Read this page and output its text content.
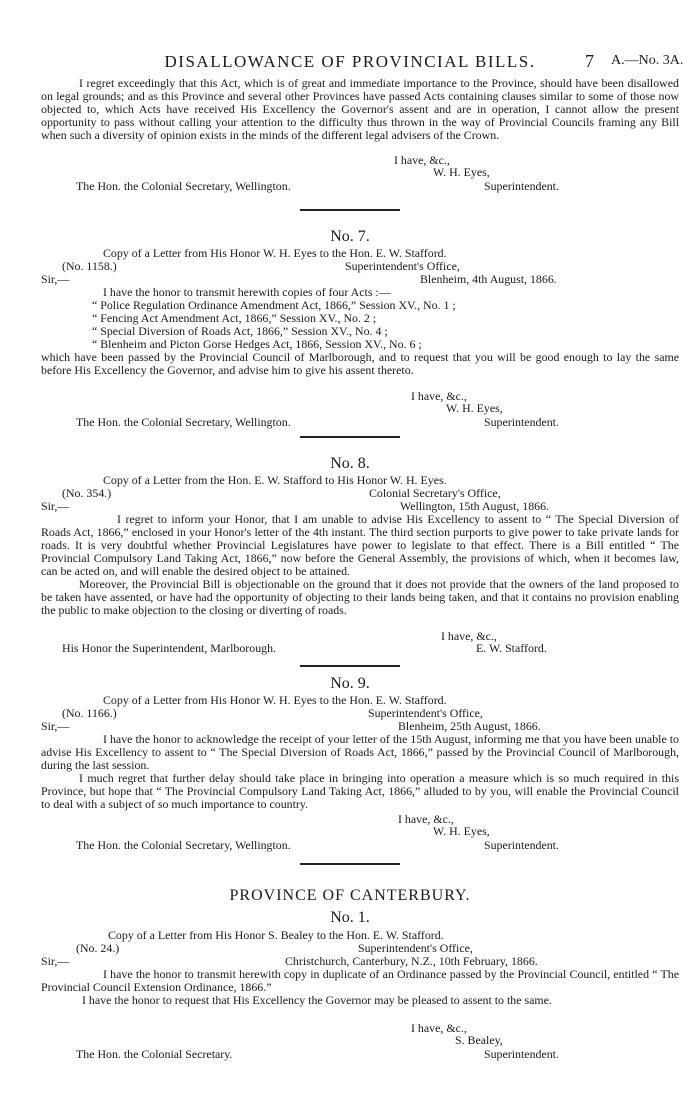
DISALLOWANCE OF PROVINCIAL BILLS.	7 A.—No. 3A.

I regret exceedingly that this Act, which is of great and immediate importance to the Province, should have been disallowed on legal grounds; and as this Province and several other Provinces have passed Acts containing clauses similar to some of those now objected to, which Acts have received His Excellency the Governor's assent and are in operation, I cannot allow the present opportunity to pass without calling your attention to the difficulty thus thrown in the way of Provincial Councils framing any Bill when such a diversity of opinion exists in the minds of the different legal advisers of the Crown.

I have, &c.,
W. H. Eyes,
The Hon. the Colonial Secretary, Wellington.	Superintendent.
No. 7.
Copy of a Letter from His Honor W. H. Eyes to the Hon. E. W. Stafford.
(No. 1158.)	Superintendent's Office,
Sir,—	Blenheim, 4th August, 1866.
I have the honor to transmit herewith copies of four Acts :—
“ Police Regulation Ordinance Amendment Act, 1866,” Session XV., No. 1 ;
“ Fencing Act Amendment Act, 1866,” Session XV., No. 2 ;
“ Special Diversion of Roads Act, 1866,” Session XV., No. 4 ;
“ Blenheim and Picton Gorse Hedges Act, 1866, Session XV., No. 6 ;

which have been passed by the Provincial Council of Marlborough, and to request that you will be good enough to lay the same before His Excellency the Governor, and advise him to give his assent thereto.

I have, &c.,
W. H. Eyes,
The Hon. the Colonial Secretary, Wellington.	Superintendent.
No. 8.
Copy of a Letter from the Hon. E. W. Stafford to His Honor W. H. Eyes.
(No. 354.)	Colonial Secretary's Office,
Sir,—	Wellington, 15th August, 1866.

I regret to inform your Honor, that I am unable to advise His Excellency to assent to “ The Special Diversion of Roads Act, 1866,” enclosed in your Honor's letter of the 4th instant. The third section purports to give power to take private lands for roads. It is very doubtful whether Provincial Legislatures have power to legislate to that effect. There is a Bill entitled “ The Provincial Compulsory Land Taking Act, 1866,” now before the General Assembly, the provisions of which, when it becomes law, can be acted on, and will enable the desired object to be attained.

Moreover, the Provincial Bill is objectionable on the ground that it does not provide that the owners of the land proposed to be taken have assented, or have had the opportunity of objecting to their lands being taken, and that it contains no provision enabling the public to make objection to the closing or diverting of roads.

I have, &c.,
His Honor the Superintendent, Marlborough.	E. W. Stafford.
No. 9.
Copy of a Letter from His Honor W. H. Eyes to the Hon. E. W. Stafford.
(No. 1166.)	Superintendent's Office,
Sir,—	Blenheim, 25th August, 1866.

I have the honor to acknowledge the receipt of your letter of the 15th August, informing me that you have been unable to advise His Excellency to assent to “ The Special Diversion of Roads Act, 1866,” passed by the Provincial Council of Marlborough, during the last session.

I much regret that further delay should take place in bringing into operation a measure which is so much required in this Province, but hope that “ The Provincial Compulsory Land Taking Act, 1866,” alluded to by you, will enable the Provincial Council to deal with a subject of so much importance to country.

I have, &c.,
W. H. Eyes,
The Hon. the Colonial Secretary, Wellington.	Superintendent.
PROVINCE OF CANTERBURY.
No. 1.
Copy of a Letter from His Honor S. Bealey to the Hon. E. W. Stafford.
(No. 24.)	Superintendent's Office,
Sir,—	Christchurch, Canterbury, N.Z., 10th February, 1866.

I have the honor to transmit herewith copy in duplicate of an Ordinance passed by the Provincial Council, entitled “ The Provincial Council Extension Ordinance, 1866.”

I have the honor to request that His Excellency the Governor may be pleased to assent to the same.

I have, &c.,
S. Bealey,
The Hon. the Colonial Secretary.	Superintendent.
